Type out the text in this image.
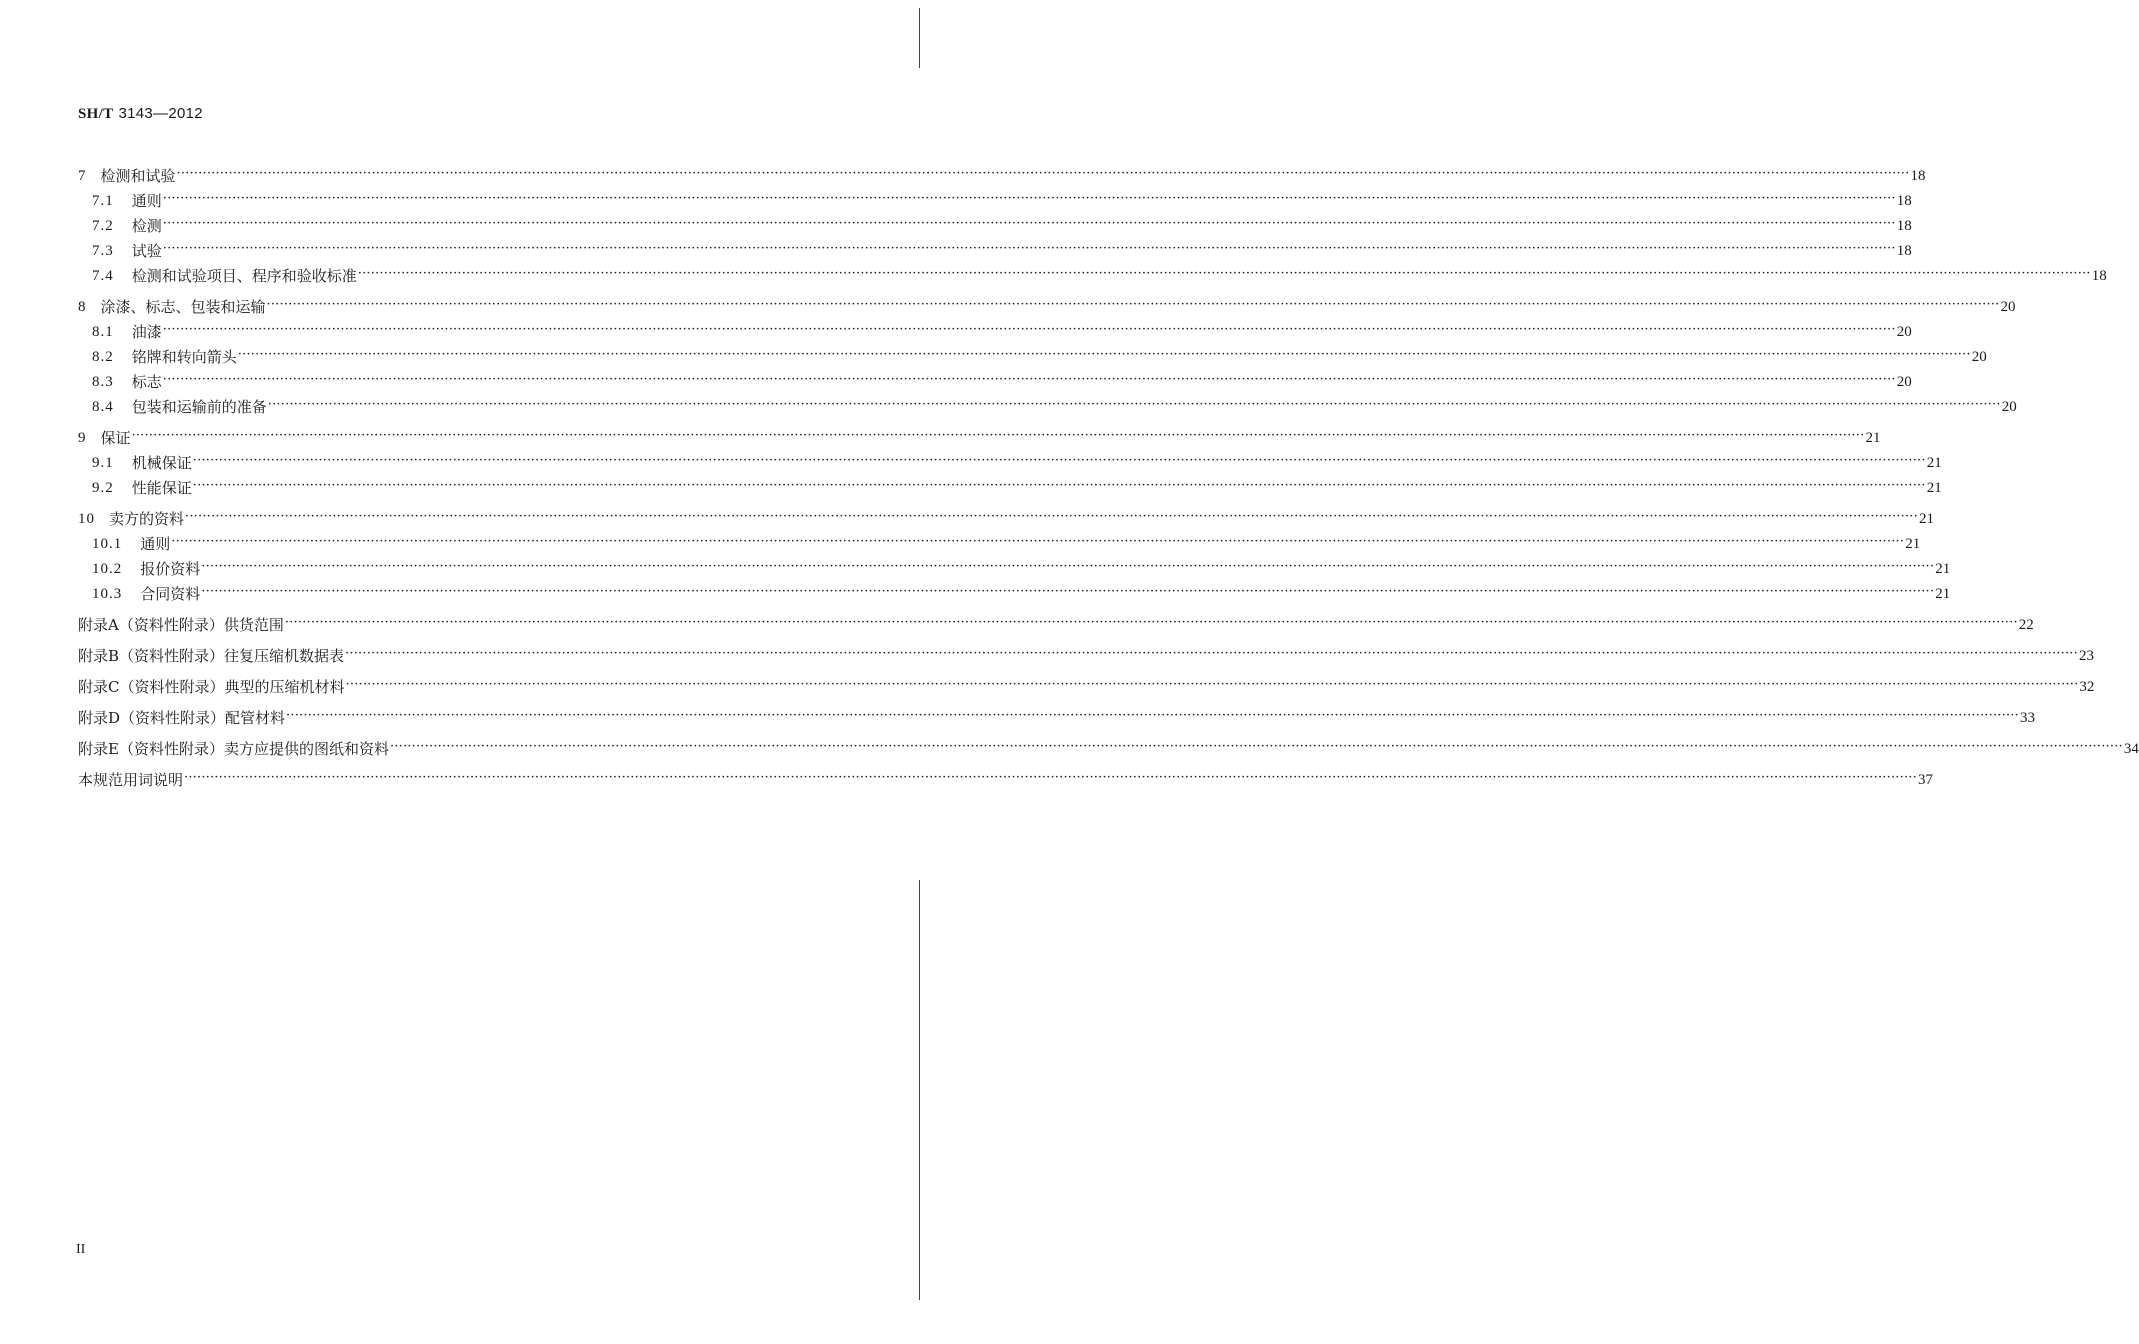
SH/T 3143—2012
7 检测和试验 ················································································································································································································································································································································································································ 18
7.1 通则 ················································································································································································································································································································································································································ 18
7.2 检测 ················································································································································································································································································································································································································ 18
7.3 试验 ················································································································································································································································································································································································································ 18
7.4 检测和试验项目、程序和验收标准 ················································································································································································································································································································································································································ 18
8 涂漆、标志、包装和运输 ················································································································································································································································································································································································································ 20
8.1 油漆 ················································································································································································································································································································································································································ 20
8.2 铭牌和转向箭头 ················································································································································································································································································································································································································ 20
8.3 标志 ················································································································································································································································································································································································································ 20
8.4 包装和运输前的准备 ················································································································································································································································································································································································································ 20
9 保证 ················································································································································································································································································································································································································ 21
9.1 机械保证 ················································································································································································································································································································································································································ 21
9.2 性能保证 ················································································································································································································································································································································································································ 21
10 卖方的资料 ················································································································································································································································································································································································································ 21
10.1 通则 ················································································································································································································································································································································································································ 21
10.2 报价资料 ················································································································································································································································································································································································································ 21
10.3 合同资料 ················································································································································································································································································································································································································ 21
附录A（资料性附录）供货范围 ················································································································································································································································································································································································································ 22
附录B（资料性附录）往复压缩机数据表 ················································································································································································································································································································································································································ 23
附录C（资料性附录）典型的压缩机材料 ················································································································································································································································································································································································································ 32
附录D（资料性附录）配管材料 ················································································································································································································································································································································································································ 33
附录E（资料性附录）卖方应提供的图纸和资料 ················································································································································································································································································································································································································ 34
本规范用词说明 ················································································································································································································································································································································································································ 37
II
